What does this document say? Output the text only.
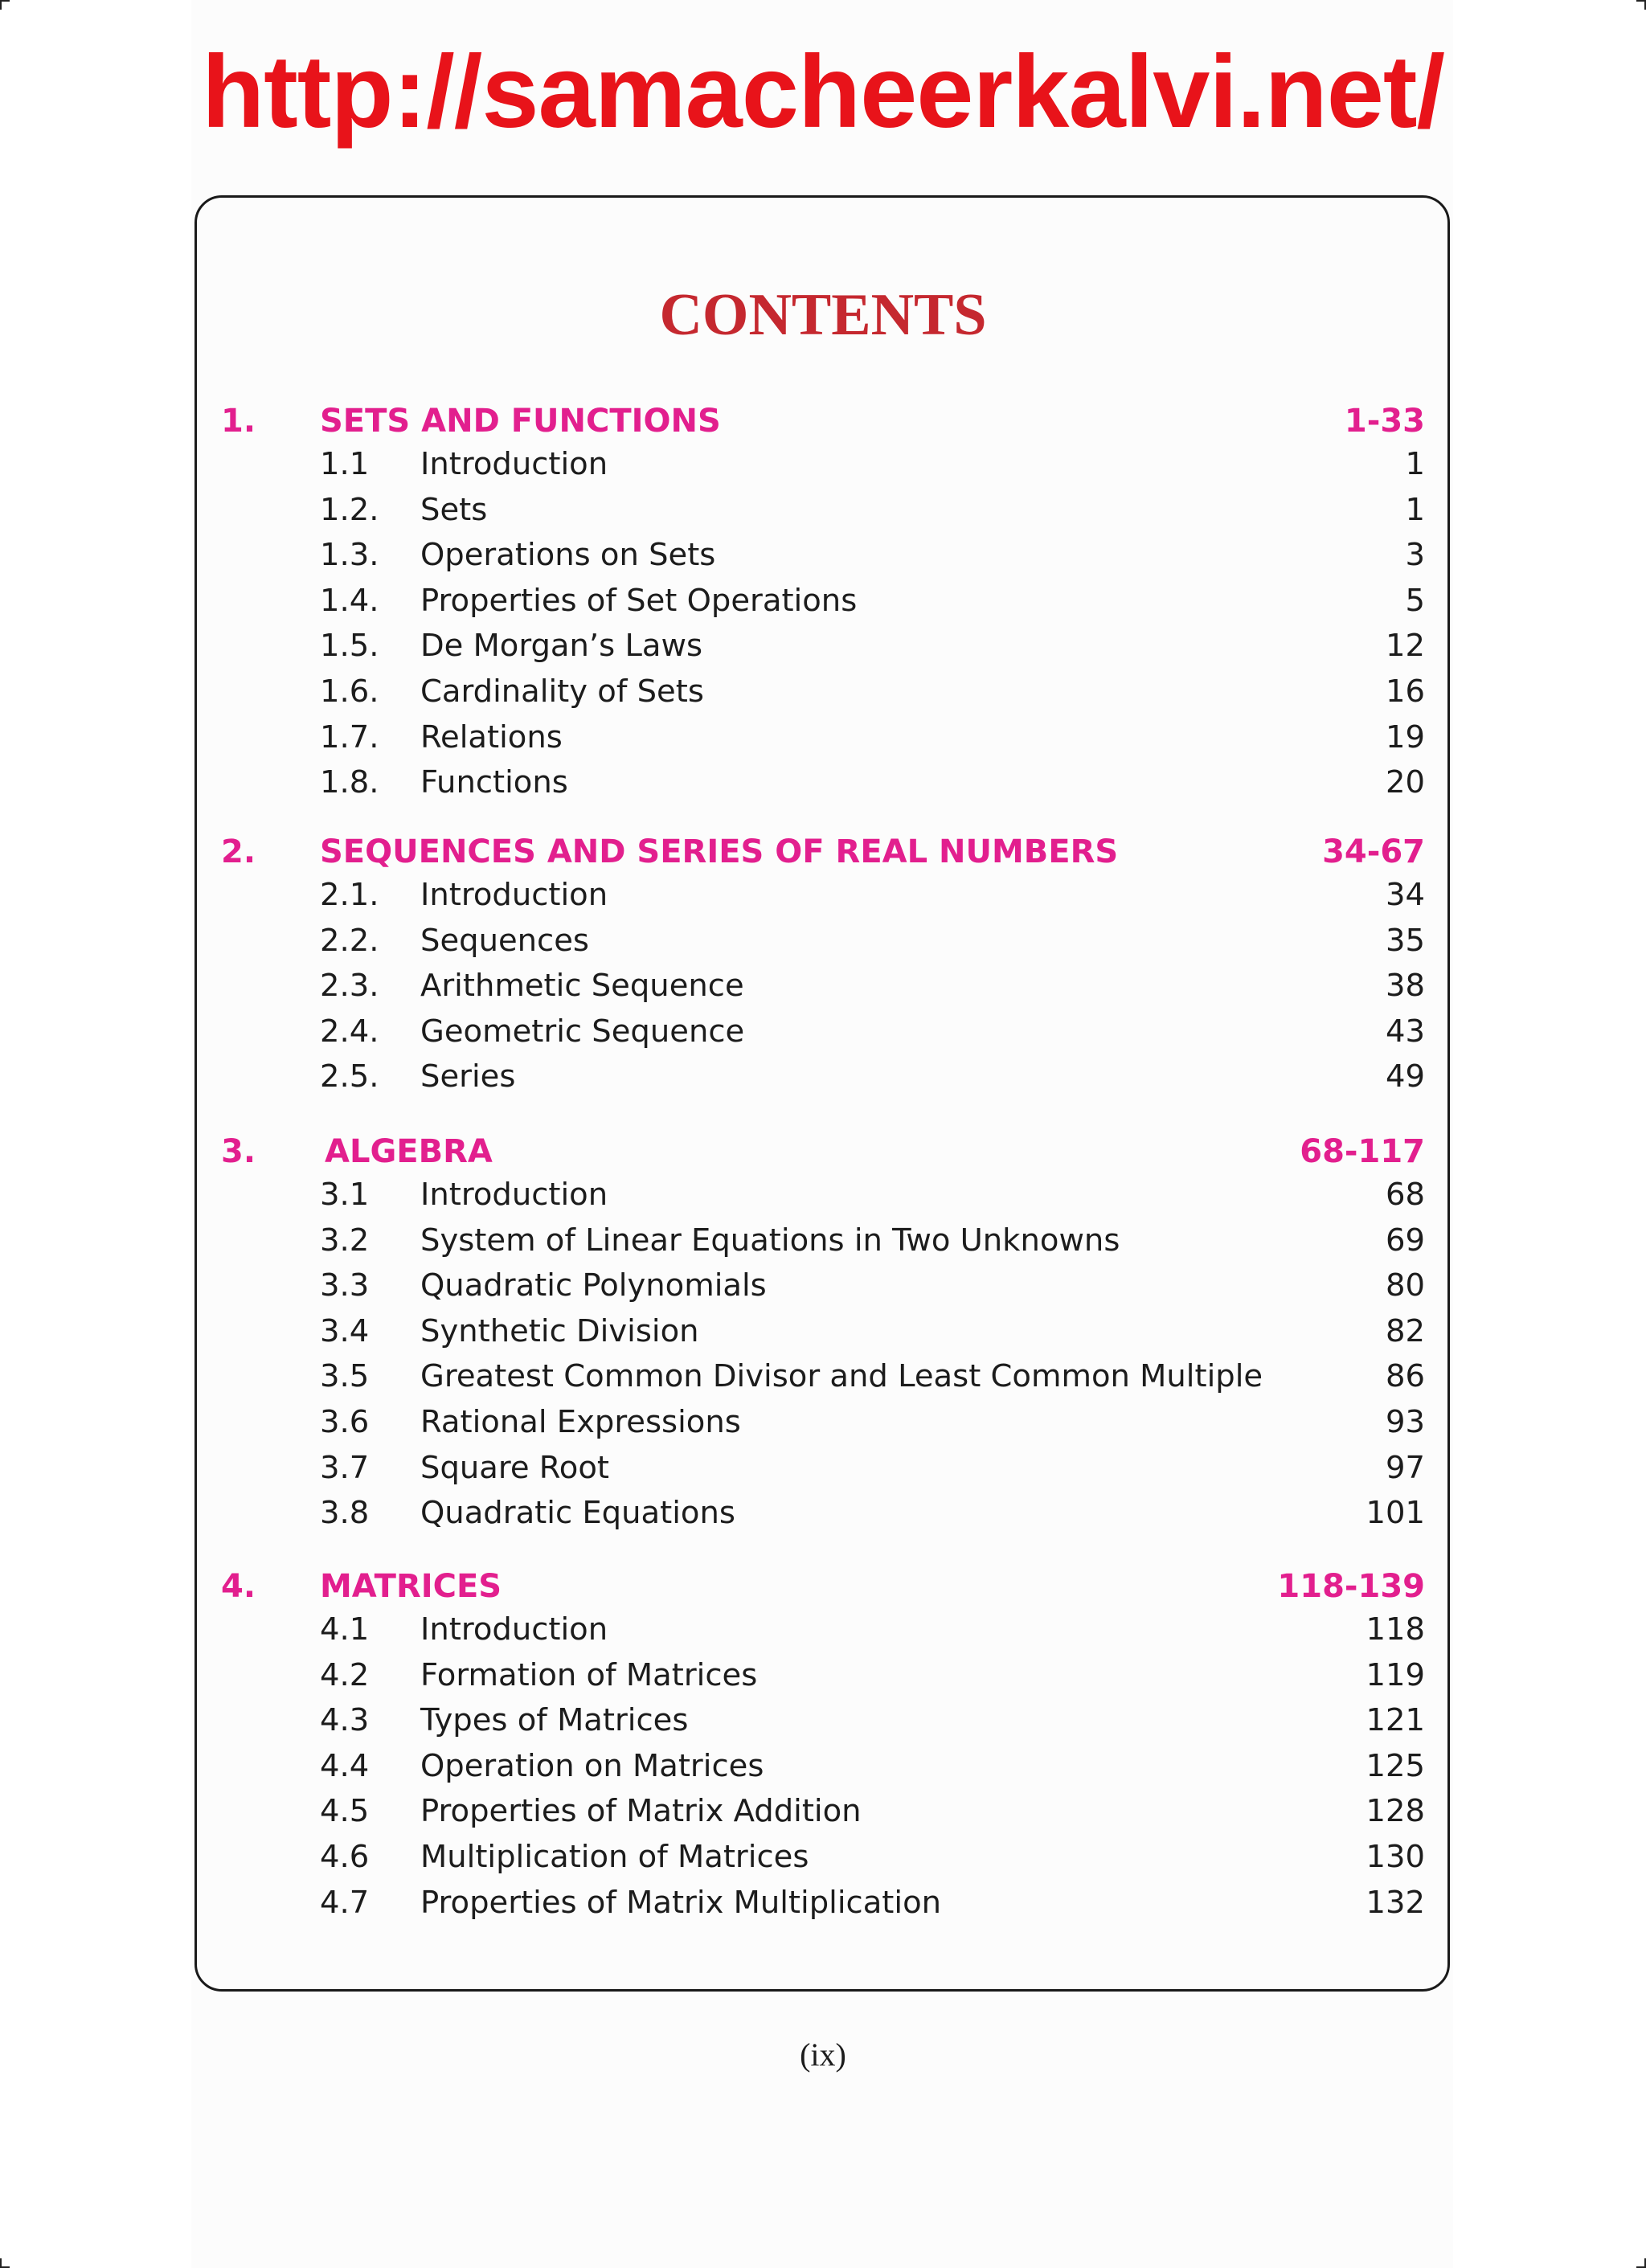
http://samacheerkalvi.net/
CONTENTS
1. SETS AND FUNCTIONS	1-33
1.1 Introduction	1
1.2. Sets	1
1.3. Operations on Sets	3
1.4. Properties of Set Operations	5
1.5. De Morgan’s Laws	12
1.6. Cardinality of Sets	16
1.7. Relations	19
1.8. Functions	20
2. SEQUENCES AND SERIES OF REAL NUMBERS	34-67
2.1. Introduction	34
2.2. Sequences	35
2.3. Arithmetic Sequence	38
2.4. Geometric Sequence	43
2.5. Series	49
3. ALGEBRA	68-117
3.1 Introduction	68
3.2 System of Linear Equations in Two Unknowns	69
3.3 Quadratic Polynomials	80
3.4 Synthetic Division	82
3.5 Greatest Common Divisor and Least Common Multiple	86
3.6 Rational Expressions	93
3.7 Square Root	97
3.8 Quadratic Equations	101
4. MATRICES	118-139
4.1 Introduction	118
4.2 Formation of Matrices	119
4.3 Types of Matrices	121
4.4 Operation on Matrices	125
4.5 Properties of Matrix Addition	128
4.6 Multiplication of Matrices	130
4.7 Properties of Matrix Multiplication	132
(ix)
